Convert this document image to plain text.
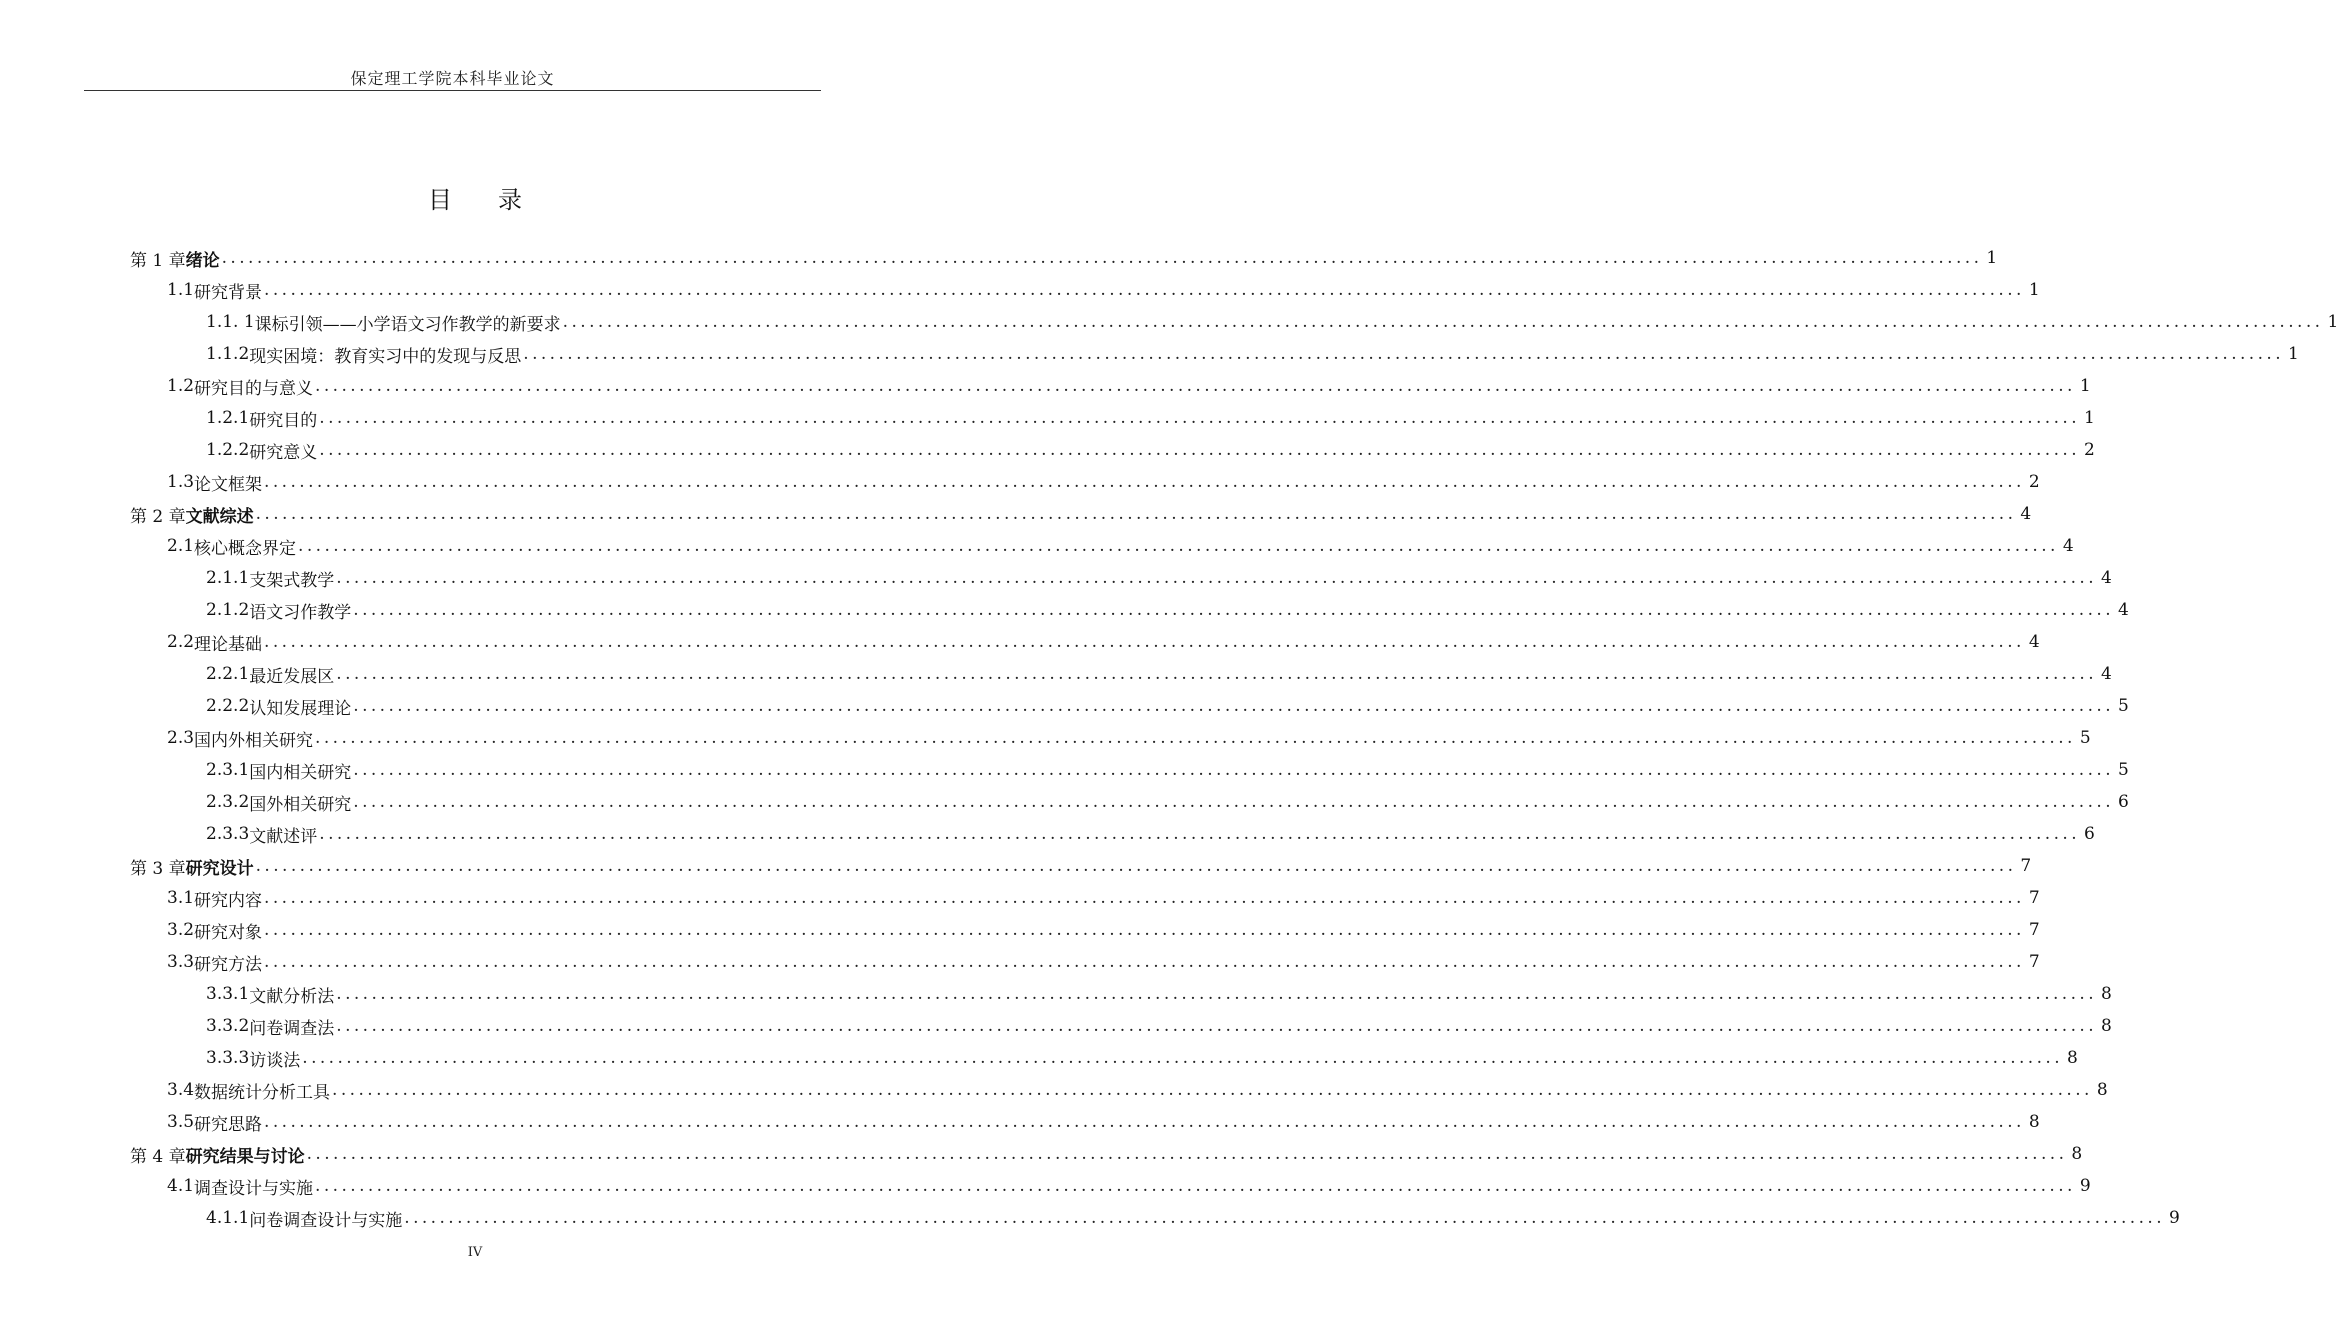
保定理工学院本科毕业论文
目录
第 1 章 绪论 ........................................................................................................................................................................................................ 1
1.1 研究背景 ........................................................................................................................................................................................................ 1
1.1. 1 课标引领——小学语文习作教学的新要求 ........................................................................................................................................................................................................ 1
1.1.2 现实困境：教育实习中的发现与反思 ........................................................................................................................................................................................................ 1
1.2 研究目的与意义 ........................................................................................................................................................................................................ 1
1.2.1 研究目的 ........................................................................................................................................................................................................ 1
1.2.2 研究意义 ........................................................................................................................................................................................................ 2
1.3 论文框架 ........................................................................................................................................................................................................ 2
第 2 章 文献综述 ........................................................................................................................................................................................................ 4
2.1 核心概念界定 ........................................................................................................................................................................................................ 4
2.1.1 支架式教学 ........................................................................................................................................................................................................ 4
2.1.2 语文习作教学 ........................................................................................................................................................................................................ 4
2.2 理论基础 ........................................................................................................................................................................................................ 4
2.2.1 最近发展区 ........................................................................................................................................................................................................ 4
2.2.2 认知发展理论 ........................................................................................................................................................................................................ 5
2.3 国内外相关研究 ........................................................................................................................................................................................................ 5
2.3.1 国内相关研究 ........................................................................................................................................................................................................ 5
2.3.2 国外相关研究 ........................................................................................................................................................................................................ 6
2.3.3 文献述评 ........................................................................................................................................................................................................ 6
第 3 章 研究设计 ........................................................................................................................................................................................................ 7
3.1 研究内容 ........................................................................................................................................................................................................ 7
3.2 研究对象 ........................................................................................................................................................................................................ 7
3.3 研究方法 ........................................................................................................................................................................................................ 7
3.3.1 文献分析法 ........................................................................................................................................................................................................ 8
3.3.2 问卷调查法 ........................................................................................................................................................................................................ 8
3.3.3 访谈法 ........................................................................................................................................................................................................ 8
3.4 数据统计分析工具 ........................................................................................................................................................................................................ 8
3.5 研究思路 ........................................................................................................................................................................................................ 8
第 4 章 研究结果与讨论 ........................................................................................................................................................................................................ 8
4.1 调查设计与实施 ........................................................................................................................................................................................................ 9
4.1.1 问卷调查设计与实施 ........................................................................................................................................................................................................ 9
IV
